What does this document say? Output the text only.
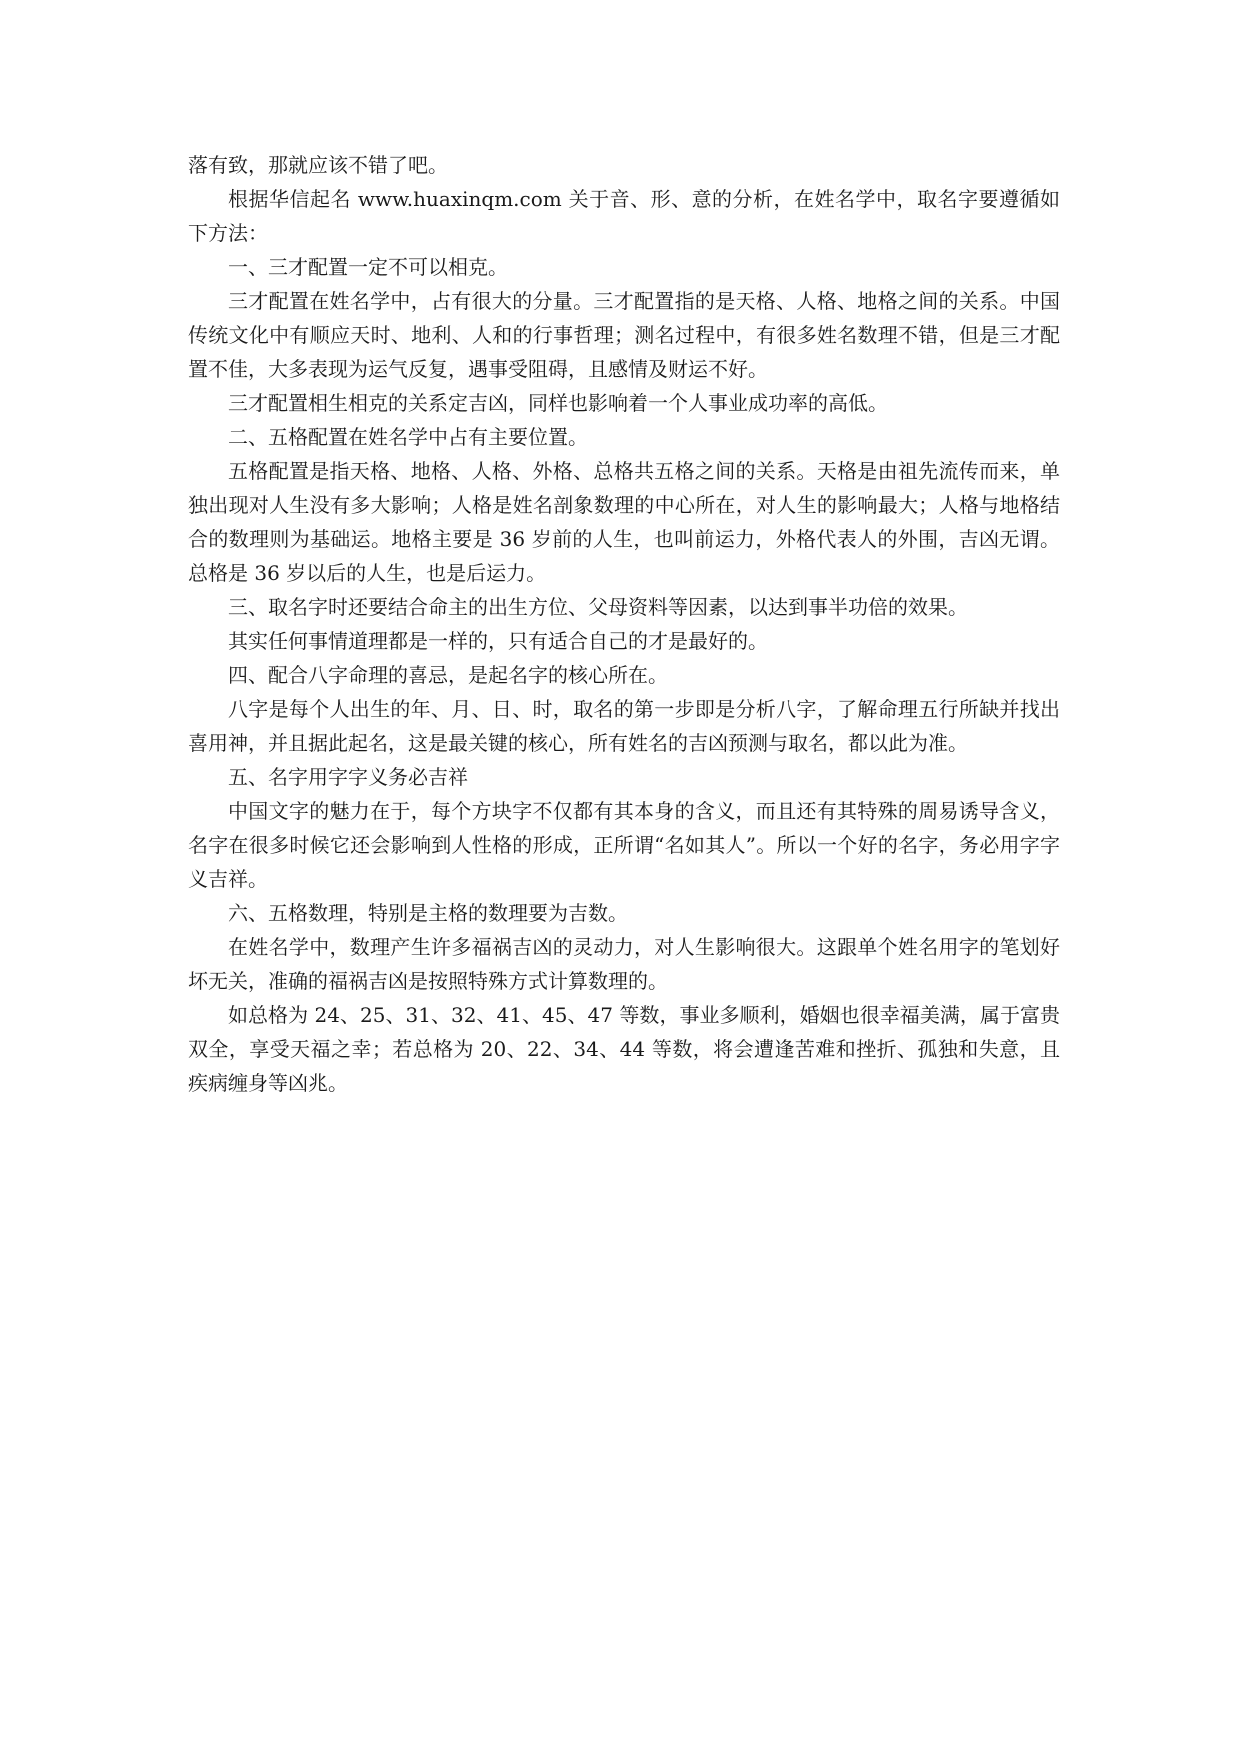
落有致，那就应该不错了吧。

根据华信起名 www.huaxinqm.com 关于音、形、意的分析，在姓名学中，取名字要遵循如下方法：

一、三才配置一定不可以相克。

三才配置在姓名学中，占有很大的分量。三才配置指的是天格、人格、地格之间的关系。中国传统文化中有顺应天时、地利、人和的行事哲理；测名过程中，有很多姓名数理不错，但是三才配置不佳，大多表现为运气反复，遇事受阻碍，且感情及财运不好。

三才配置相生相克的关系定吉凶，同样也影响着一个人事业成功率的高低。

二、五格配置在姓名学中占有主要位置。

五格配置是指天格、地格、人格、外格、总格共五格之间的关系。天格是由祖先流传而来，单独出现对人生没有多大影响；人格是姓名剖象数理的中心所在，对人生的影响最大；人格与地格结合的数理则为基础运。地格主要是 36 岁前的人生，也叫前运力，外格代表人的外围，吉凶无谓。总格是 36 岁以后的人生，也是后运力。

三、取名字时还要结合命主的出生方位、父母资料等因素，以达到事半功倍的效果。

其实任何事情道理都是一样的，只有适合自己的才是最好的。

四、配合八字命理的喜忌，是起名字的核心所在。

八字是每个人出生的年、月、日、时，取名的第一步即是分析八字，了解命理五行所缺并找出喜用神，并且据此起名，这是最关键的核心，所有姓名的吉凶预测与取名，都以此为准。

五、名字用字字义务必吉祥

中国文字的魅力在于，每个方块字不仅都有其本身的含义，而且还有其特殊的周易诱导含义，名字在很多时候它还会影响到人性格的形成，正所谓“名如其人”。所以一个好的名字，务必用字字义吉祥。

六、五格数理，特别是主格的数理要为吉数。

在姓名学中，数理产生许多福祸吉凶的灵动力，对人生影响很大。这跟单个姓名用字的笔划好坏无关，准确的福祸吉凶是按照特殊方式计算数理的。

如总格为 24、25、31、32、41、45、47 等数，事业多顺利，婚姻也很幸福美满，属于富贵双全，享受天福之幸；若总格为 20、22、34、44 等数，将会遭逢苦难和挫折、孤独和失意，且疾病缠身等凶兆。
